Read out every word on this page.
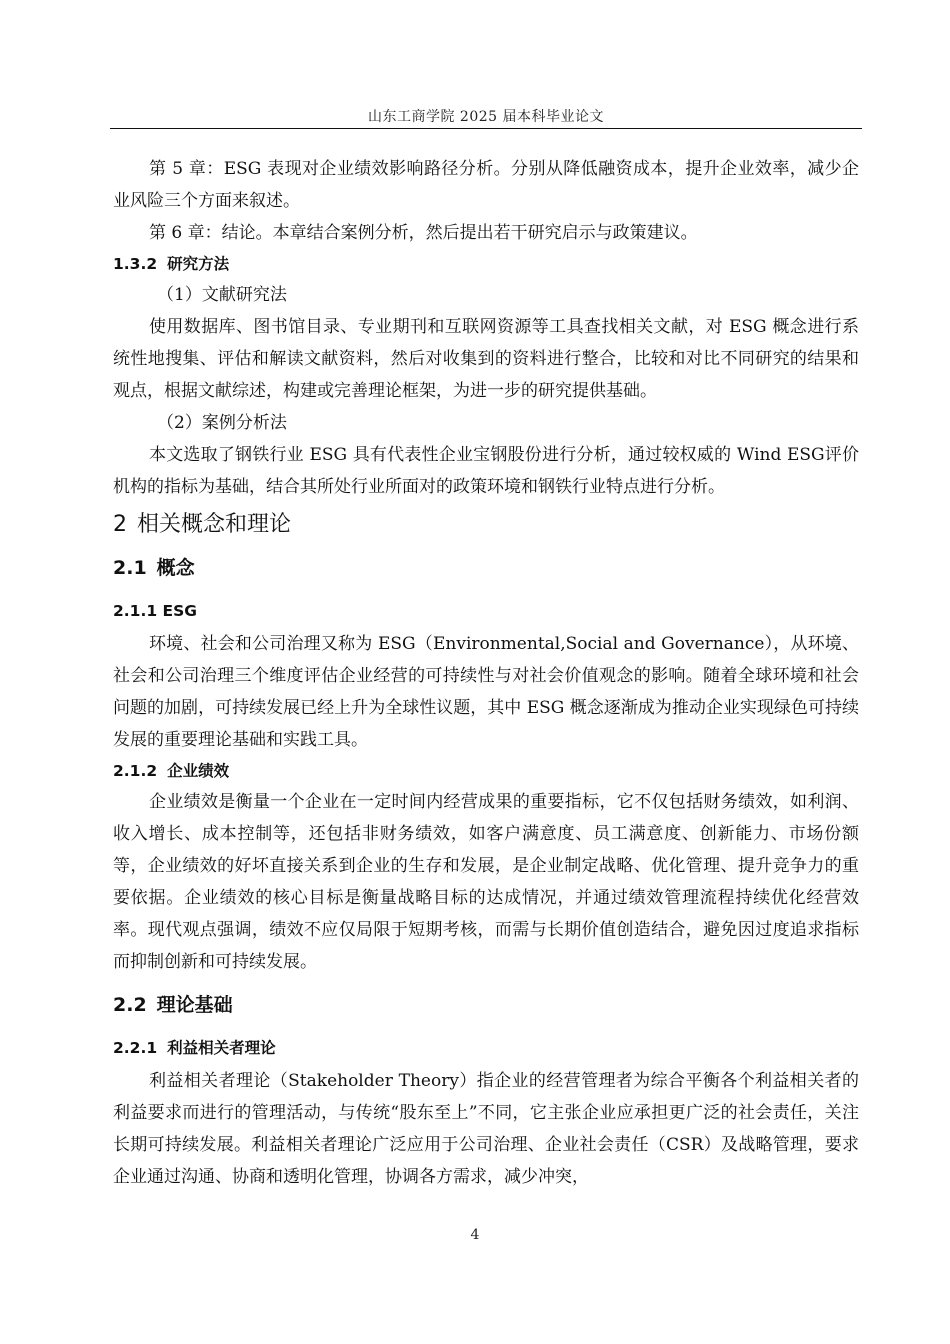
山东工商学院 2025 届本科毕业论文

第 5 章：ESG 表现对企业绩效影响路径分析。分别从降低融资成本，提升企业效率，减少企业风险三个方面来叙述。

第 6 章：结论。本章结合案例分析，然后提出若干研究启示与政策建议。

1.3.2 研究方法

（1）文献研究法

使用数据库、图书馆目录、专业期刊和互联网资源等工具查找相关文献，对 ESG 概念进行系统性地搜集、评估和解读文献资料，然后对收集到的资料进行整合，比较和对比不同研究的结果和观点，根据文献综述，构建或完善理论框架，为进一步的研究提供基础。

（2）案例分析法

本文选取了钢铁行业 ESG 具有代表性企业宝钢股份进行分析，通过较权威的 Wind ESG评价机构的指标为基础，结合其所处行业所面对的政策环境和钢铁行业特点进行分析。

2 相关概念和理论
2.1 概念
2.1.1 ESG

环境、社会和公司治理又称为 ESG（Environmental,Social and Governance），从环境、社会和公司治理三个维度评估企业经营的可持续性与对社会价值观念的影响。随着全球环境和社会问题的加剧，可持续发展已经上升为全球性议题，其中 ESG 概念逐渐成为推动企业实现绿色可持续发展的重要理论基础和实践工具。

2.1.2 企业绩效

企业绩效是衡量一个企业在一定时间内经营成果的重要指标，它不仅包括财务绩效，如利润、收入增长、成本控制等，还包括非财务绩效，如客户满意度、员工满意度、创新能力、市场份额等，企业绩效的好坏直接关系到企业的生存和发展，是企业制定战略、优化管理、提升竞争力的重要依据。企业绩效的核心目标是衡量战略目标的达成情况，并通过绩效管理流程持续优化经营效率。现代观点强调，绩效不应仅局限于短期考核，而需与长期价值创造结合，避免因过度追求指标而抑制创新和可持续发展。

2.2 理论基础
2.2.1 利益相关者理论

利益相关者理论（Stakeholder Theory）指企业的经营管理者为综合平衡各个利益相关者的利益要求而进行的管理活动，与传统“股东至上”不同，它主张企业应承担更广泛的社会责任，关注长期可持续发展。利益相关者理论广泛应用于公司治理、企业社会责任（CSR）及战略管理，要求企业通过沟通、协商和透明化管理，协调各方需求，减少冲突，

4
